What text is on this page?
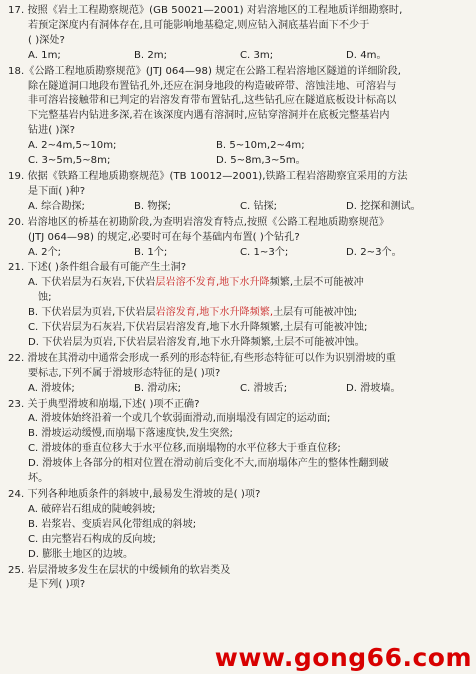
17. 按照《岩土工程勘察规范》(GB 50021—2001) 对岩溶地区的工程地质详细勘察时,
若预定深度内有洞体存在,且可能影响地基稳定,则应钻入洞底基岩面下不少于
( )深处?
A. 1m;	B. 2m;	C. 3m;	D. 4m。
18.《公路工程地质勘察规范》(JTJ 064—98) 规定在公路工程岩溶地区隧道的详细阶段,
除在隧道洞口地段布置钻孔外,还应在洞身地段的构造破碎带、溶蚀洼地、可溶岩与
非可溶岩接触带和已判定的岩溶发育带布置钻孔,这些钻孔应在隧道底板设计标高以
下完整基岩内钻进多深,若在该深度内遇有溶洞时,应钻穿溶洞并在底板完整基岩内
钻进( )深?
A. 2~4m,5~10m;	B. 5~10m,2~4m;
C. 3~5m,5~8m;	D. 5~8m,3~5m。
19. 依据《铁路工程地质勘察规范》(TB 10012—2001),铁路工程岩溶勘察宜采用的方法
是下面( )种?
A. 综合勘探;	B. 物探;	C. 钻探;	D. 挖探和测试。
20. 岩溶地区的桥基在初勘阶段,为查明岩溶发育特点,按照《公路工程地质勘察规范》
(JTJ 064—98) 的规定,必要时可在每个基础内布置( )个钻孔?
A. 2个;	B. 1个;	C. 1~3个;	D. 2~3个。
21. 下述( )条件组合最有可能产生土洞?
A. 下伏岩层为石灰岩,下伏岩层岩溶不发育,地下水升降频繁,土层不可能被冲
蚀;
B. 下伏岩层为页岩,下伏岩层岩溶发育,地下水升降频繁,土层有可能被冲蚀;
C. 下伏岩层为石灰岩,下伏岩层岩溶发育,地下水升降频繁,土层有可能被冲蚀;
D. 下伏岩层为页岩,下伏岩层岩溶发育,地下水升降频繁,土层不可能被冲蚀。
22. 滑坡在其滑动中通常会形成一系列的形态特征,有些形态特征可以作为识别滑坡的重
要标志,下列不属于滑坡形态特征的是( )项?
A. 滑坡体;	B. 滑动床;	C. 滑坡舌;	D. 滑坡墙。
23. 关于典型滑坡和崩塌,下述( )项不正确?
A. 滑坡体始终沿着一个或几个软弱面滑动,而崩塌没有固定的运动面;
B. 滑坡运动缓慢,而崩塌下落速度快,发生突然;
C. 滑坡体的垂直位移大于水平位移,而崩塌物的水平位移大于垂直位移;
D. 滑坡体上各部分的相对位置在滑动前后变化不大,而崩塌体产生的整体性翻到破
坏。
24. 下列各种地质条件的斜坡中,最易发生滑坡的是( )项?
A. 破碎岩石组成的陡峻斜坡;
B. 岩浆岩、变质岩风化带组成的斜坡;
C. 由完整岩石构成的反向坡;
D. 膨胀土地区的边坡。
25. 岩层滑坡多发生在层状的中缓倾角的软岩类及
是下列( )项?
www.gong66.com
